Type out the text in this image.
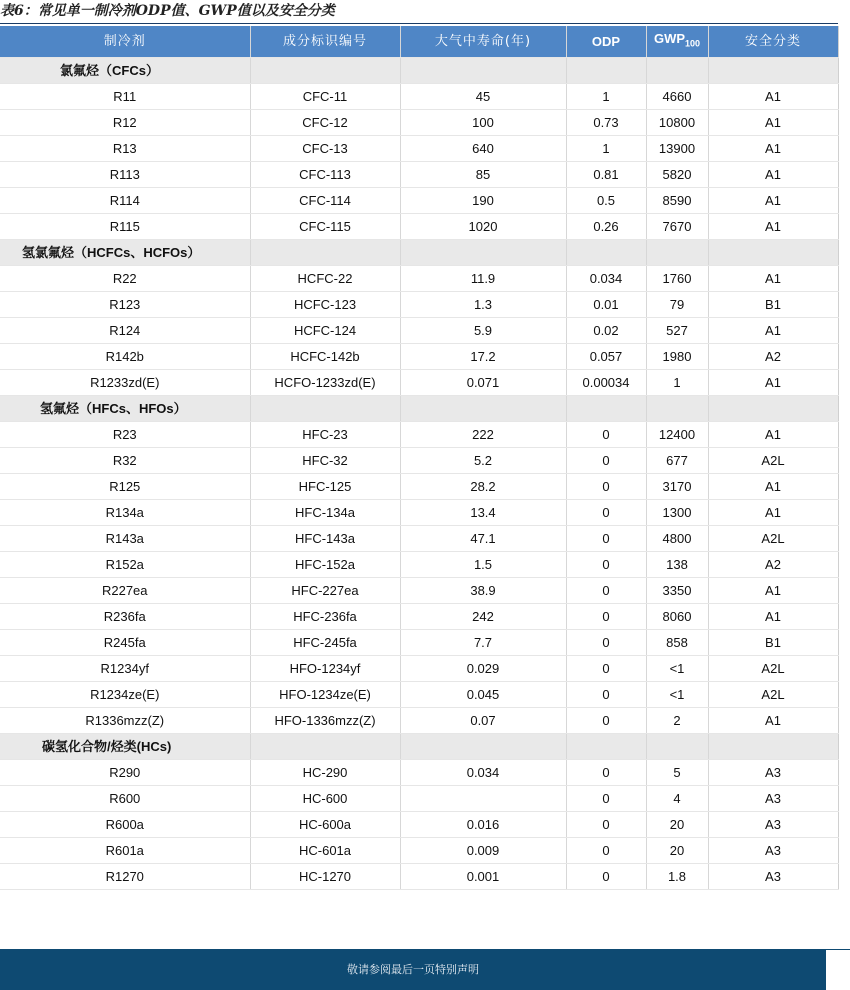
表6：常见单一制冷剂ODP值、GWP值以及安全分类
制冷剂	成分标识编号	大气中寿命(年)	ODP	$GWP_{100}$	安全分类
氯氟烃（CFCs）					
R11	CFC-11	45	1	4660	A1
R12	CFC-12	100	0.73	10800	A1
R13	CFC-13	640	1	13900	A1
R113	CFC-113	85	0.81	5820	A1
R114	CFC-114	190	0.5	8590	A1
R115	CFC-115	1020	0.26	7670	A1
氢氯氟烃（HCFCs、HCFOs）					
R22	HCFC-22	11.9	0.034	1760	A1
R123	HCFC-123	1.3	0.01	79	B1
R124	HCFC-124	5.9	0.02	527	A1
R142b	HCFC-142b	17.2	0.057	1980	A2
R1233zd(E)	HCFO-1233zd(E)	0.071	0.00034	1	A1
氢氟烃（HFCs、HFOs）					
R23	HFC-23	222	0	12400	A1
R32	HFC-32	5.2	0	677	A2L
R125	HFC-125	28.2	0	3170	A1
R134a	HFC-134a	13.4	0	1300	A1
R143a	HFC-143a	47.1	0	4800	A2L
R152a	HFC-152a	1.5	0	138	A2
R227ea	HFC-227ea	38.9	0	3350	A1
R236fa	HFC-236fa	242	0	8060	A1
R245fa	HFC-245fa	7.7	0	858	B1
R1234yf	HFO-1234yf	0.029	0	<1	A2L
R1234ze(E)	HFO-1234ze(E)	0.045	0	<1	A2L
R1336mzz(Z)	HFO-1336mzz(Z)	0.07	0	2	A1
碳氢化合物/烃类(HCs)					
R290	HC-290	0.034	0	5	A3
R600	HC-600		0	4	A3
R600a	HC-600a	0.016	0	20	A3
R601a	HC-601a	0.009	0	20	A3
R1270	HC-1270	0.001	0	1.8	A3
敬请参阅最后一页特别声明
